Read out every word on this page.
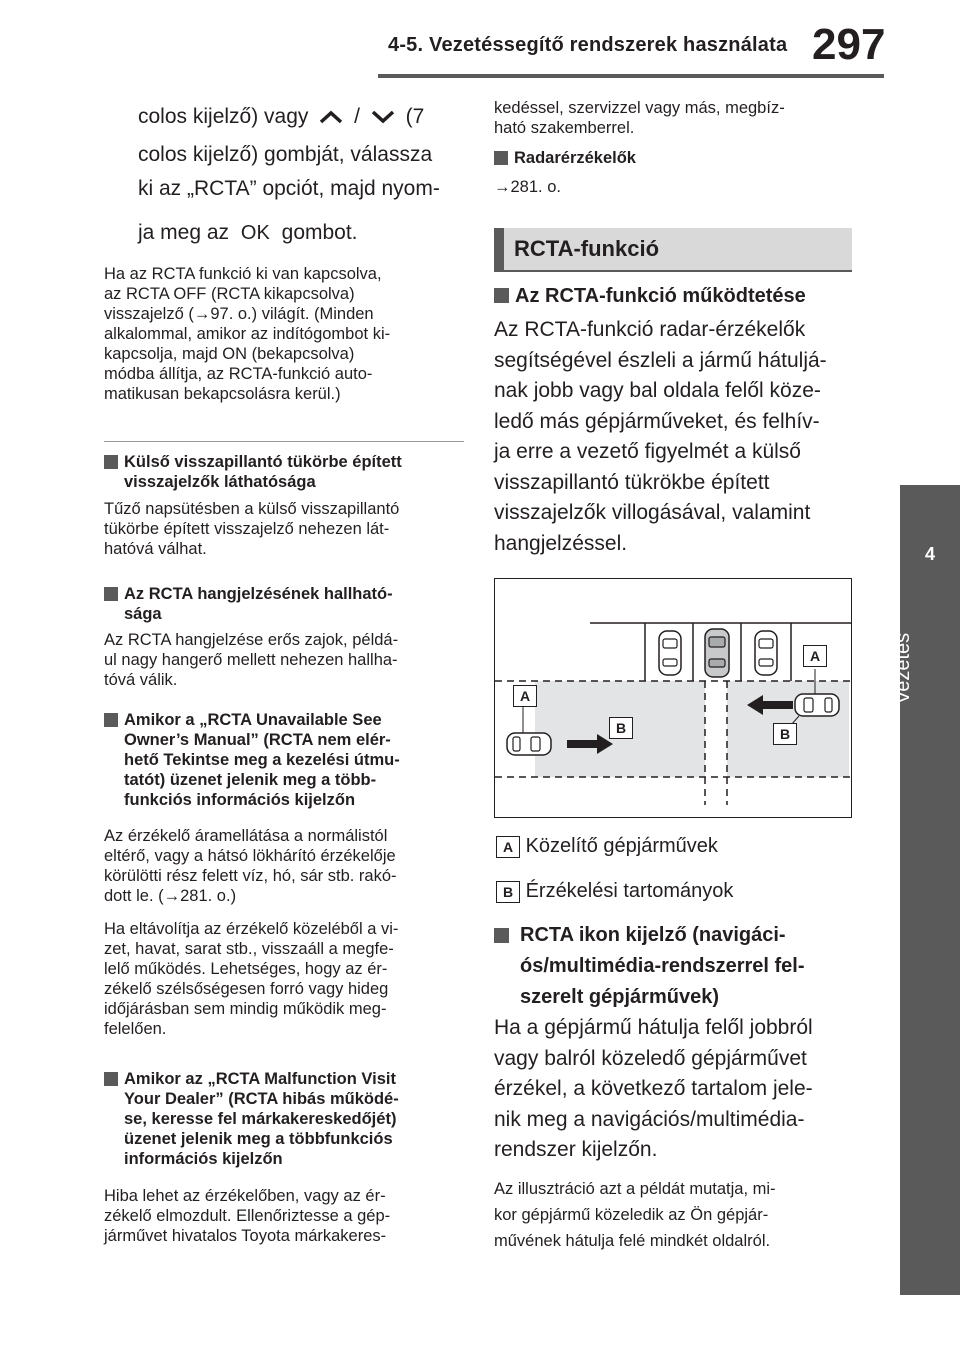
4-5. Vezetéssegítő rendszerek használata 297
4
Vezetés
colos kijelző) vagy / (7
colos kijelző) gombját, válassza
ki az „RCTA” opciót, majd nyom-
ja meg az OK gombot.
Ha az RCTA funkció ki van kapcsolva,
az RCTA OFF (RCTA kikapcsolva)
visszajelző (→97. o.) világít. (Minden
alkalommal, amikor az indítógombot ki-
kapcsolja, majd ON (bekapcsolva)
módba állítja, az RCTA-funkció auto-
matikusan bekapcsolásra kerül.)
Külső visszapillantó tükörbe épített
visszajelzők láthatósága
Tűző napsütésben a külső visszapillantó
tükörbe épített visszajelző nehezen lát-
hatóvá válhat.
Az RCTA hangjelzésének hallható-
sága
Az RCTA hangjelzése erős zajok, példá-
ul nagy hangerő mellett nehezen hallha-
tóvá válik.
Amikor a „RCTA Unavailable See
Owner’s Manual” (RCTA nem elér-
hető Tekintse meg a kezelési útmu-
tatót) üzenet jelenik meg a több-
funkciós információs kijelzőn
Az érzékelő áramellátása a normálistól
eltérő, vagy a hátsó lökhárító érzékelője
körülötti rész felett víz, hó, sár stb. rakó-
dott le. (→281. o.)
Ha eltávolítja az érzékelő közeléből a vi-
zet, havat, sarat stb., visszaáll a megfe-
lelő működés. Lehetséges, hogy az ér-
zékelő szélsőségesen forró vagy hideg
időjárásban sem mindig működik meg-
felelően.
Amikor az „RCTA Malfunction Visit
Your Dealer” (RCTA hibás működé-
se, keresse fel márkakereskedőjét)
üzenet jelenik meg a többfunkciós
információs kijelzőn
Hiba lehet az érzékelőben, vagy az ér-
zékelő elmozdult. Ellenőriztesse a gép-
járművet hivatalos Toyota márkakeres-
kedéssel, szervizzel vagy más, megbíz-
ható szakemberrel.
Radarérzékelők
→281. o.
RCTA-funkció
Az RCTA-funkció működtetése
Az RCTA-funkció radar-érzékelők
segítségével észleli a jármű hátuljá-
nak jobb vagy bal oldala felől köze-
ledő más gépjárműveket, és felhív-
ja erre a vezető figyelmét a külső
visszapillantó tükrökbe épített
visszajelzők villogásával, valamint
hangjelzéssel.
A
A
B	B
A Közelítő gépjárművek
B Érzékelési tartományok
RCTA ikon kijelző (navigáci-
ós/multimédia-rendszerrel fel-
szerelt gépjárművek)
Ha a gépjármű hátulja felől jobbról
vagy balról közeledő gépjárművet
érzékel, a következő tartalom jele-
nik meg a navigációs/multimédia-
rendszer kijelzőn.
Az illusztráció azt a példát mutatja, mi-
kor gépjármű közeledik az Ön gépjár-
művének hátulja felé mindkét oldalról.
